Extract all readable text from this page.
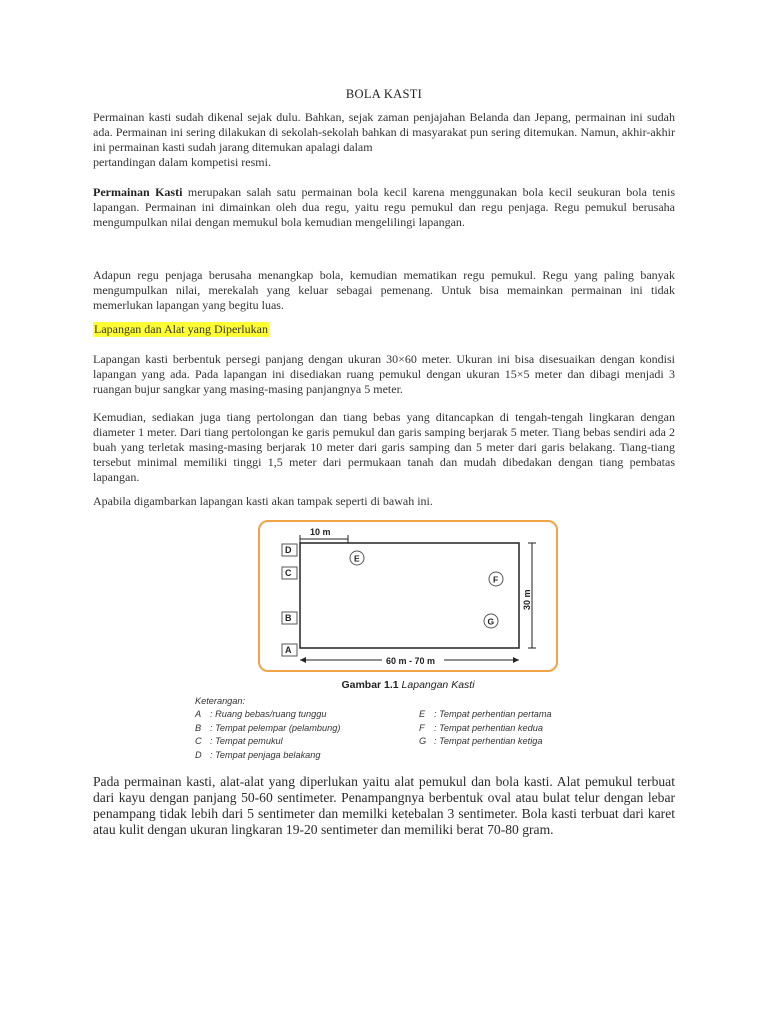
BOLA KASTI

Permainan kasti sudah dikenal sejak dulu. Bahkan, sejak zaman penjajahan Belanda dan Jepang, permainan ini sudah ada. Permainan ini sering dilakukan di sekolah-sekolah bahkan di masyarakat pun sering ditemukan. Namun, akhir-akhir ini permainan kasti sudah jarang ditemukan apalagi dalam
pertandingan dalam kompetisi resmi.

Permainan Kasti merupakan salah satu permainan bola kecil karena menggunakan bola kecil seukuran bola tenis lapangan. Permainan ini dimainkan oleh dua regu, yaitu regu pemukul dan regu penjaga. Regu pemukul berusaha mengumpulkan nilai dengan memukul bola kemudian mengelilingi lapangan.

Adapun regu penjaga berusaha menangkap bola, kemudian mematikan regu pemukul. Regu yang paling banyak mengumpulkan nilai, merekalah yang keluar sebagai pemenang. Untuk bisa memainkan permainan ini tidak memerlukan lapangan yang begitu luas.

Lapangan dan Alat yang Diperlukan

Lapangan kasti berbentuk persegi panjang dengan ukuran 30×60 meter. Ukuran ini bisa disesuaikan dengan kondisi lapangan yang ada. Pada lapangan ini disediakan ruang pemukul dengan ukuran 15×5 meter dan dibagi menjadi 3 ruangan bujur sangkar yang masing-masing panjangnya 5 meter.

Kemudian, sediakan juga tiang pertolongan dan tiang bebas yang ditancapkan di tengah-tengah lingkaran dengan diameter 1 meter. Dari tiang pertolongan ke garis pemukul dan garis samping berjarak 5 meter. Tiang bebas sendiri ada 2 buah yang terletak masing-masing berjarak 10 meter dari garis samping dan 5 meter dari garis belakang. Tiang-tiang tersebut minimal memiliki tinggi 1,5 meter dari permukaan tanah dan mudah dibedakan dengan tiang pembatas lapangan.

Apabila digambarkan lapangan kasti akan tampak seperti di bawah ini.

10 m
30 m
60 m - 70 m
D
C
B
A
E
F
G
Gambar 1.1 Lapangan Kasti
Keterangan:
A : Ruang bebas/ruang tunggu
B : Tempat pelempar (pelambung)
C : Tempat pemukul
D : Tempat penjaga belakang
E : Tempat perhentian pertama
F : Tempat perhentian kedua
G : Tempat perhentian ketiga

Pada permainan kasti, alat-alat yang diperlukan yaitu alat pemukul dan bola kasti. Alat pemukul terbuat dari kayu dengan panjang 50-60 sentimeter. Penampangnya berbentuk oval atau bulat telur dengan lebar penampang tidak lebih dari 5 sentimeter dan memilki ketebalan 3 sentimeter. Bola kasti terbuat dari karet atau kulit dengan ukuran lingkaran 19-20 sentimeter dan memiliki berat 70-80 gram.
